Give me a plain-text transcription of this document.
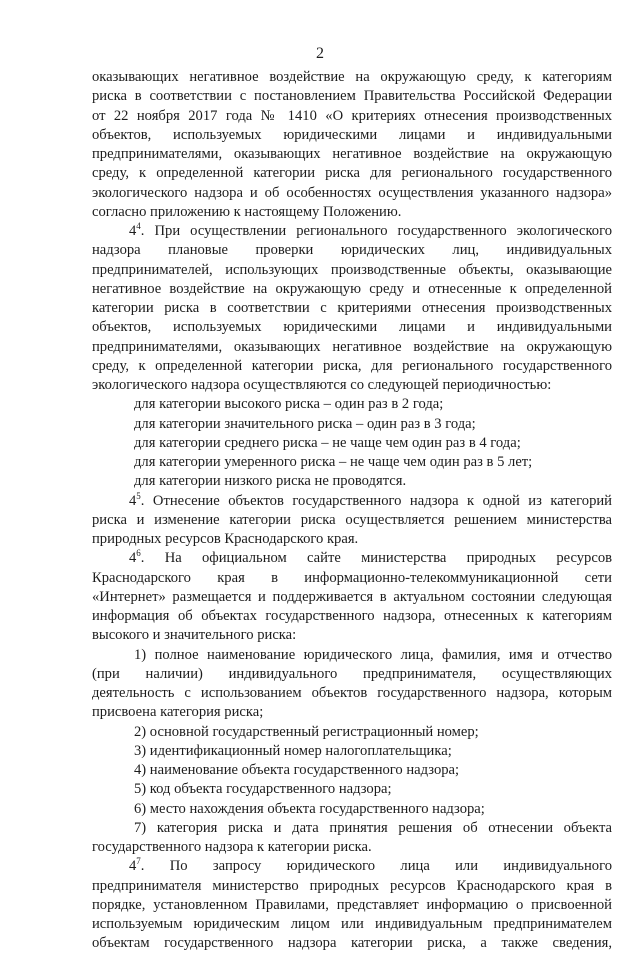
2
оказывающих негативное воздействие на окружающую среду, к категориям
риска в соответствии с постановлением Правительства Российской Федерации
от 22 ноября 2017 года № 1410 «О критериях отнесения производственных
объектов, используемых юридическими лицами и индивидуальными
предпринимателями, оказывающих негативное воздействие на окружающую
среду, к определенной категории риска для регионального государственного
экологического надзора и об особенностях осуществления указанного надзора»
согласно приложению к настоящему Положению.
$4^4$. При осуществлении регионального государственного экологического
надзора плановые проверки юридических лиц, индивидуальных
предпринимателей, использующих производственные объекты, оказывающие
негативное воздействие на окружающую среду и отнесенные к определенной
категории риска в соответствии с критериями отнесения производственных
объектов, используемых юридическими лицами и индивидуальными
предпринимателями, оказывающих негативное воздействие на окружающую
среду, к определенной категории риска, для регионального государственного
экологического надзора осуществляются со следующей периодичностью:
для категории высокого риска – один раз в 2 года;
для категории значительного риска – один раз в 3 года;
для категории среднего риска – не чаще чем один раз в 4 года;
для категории умеренного риска – не чаще чем один раз в 5 лет;
для категории низкого риска не проводятся.
$4^5$. Отнесение объектов государственного надзора к одной из категорий
риска и изменение категории риска осуществляется решением министерства
природных ресурсов Краснодарского края.
$4^6$. На официальном сайте министерства природных ресурсов
Краснодарского края в информационно-телекоммуникационной сети
«Интернет» размещается и поддерживается в актуальном состоянии следующая
информация об объектах государственного надзора, отнесенных к категориям
высокого и значительного риска:
1) полное наименование юридического лица, фамилия, имя и отчество
(при наличии) индивидуального предпринимателя, осуществляющих
деятельность с использованием объектов государственного надзора, которым
присвоена категория риска;
2) основной государственный регистрационный номер;
3) идентификационный номер налогоплательщика;
4) наименование объекта государственного надзора;
5) код объекта государственного надзора;
6) место нахождения объекта государственного надзора;
7) категория риска и дата принятия решения об отнесении объекта
государственного надзора к категории риска.
$4^7$. По запросу юридического лица или индивидуального
предпринимателя министерство природных ресурсов Краснодарского края в
порядке, установленном Правилами, представляет информацию о присвоенной
используемым юридическим лицом или индивидуальным предпринимателем
объектам государственного надзора категории риска, а также сведения,
